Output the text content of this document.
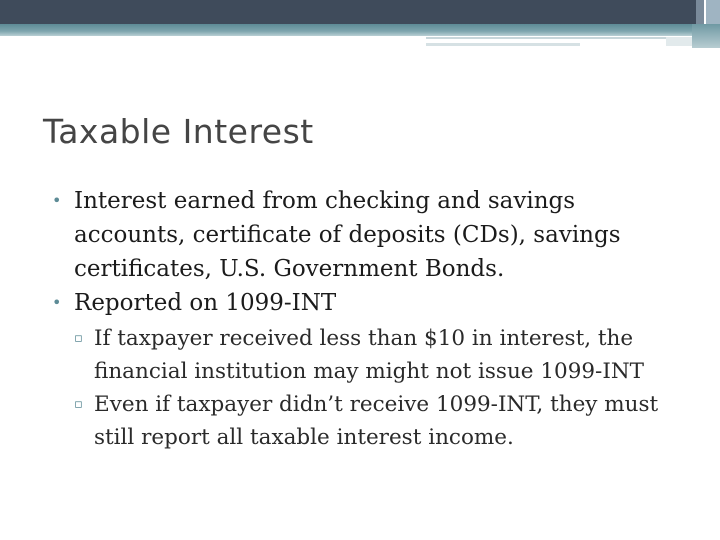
Taxable Interest
• Interest earned from checking and savings accounts, certificate of deposits (CDs), savings certificates, U.S. Government Bonds.
• Reported on 1099-INT
▫ If taxpayer received less than $10 in interest, the financial institution may might not issue 1099-INT
▫ Even if taxpayer didn’t receive 1099-INT, they must still report all taxable interest income.
